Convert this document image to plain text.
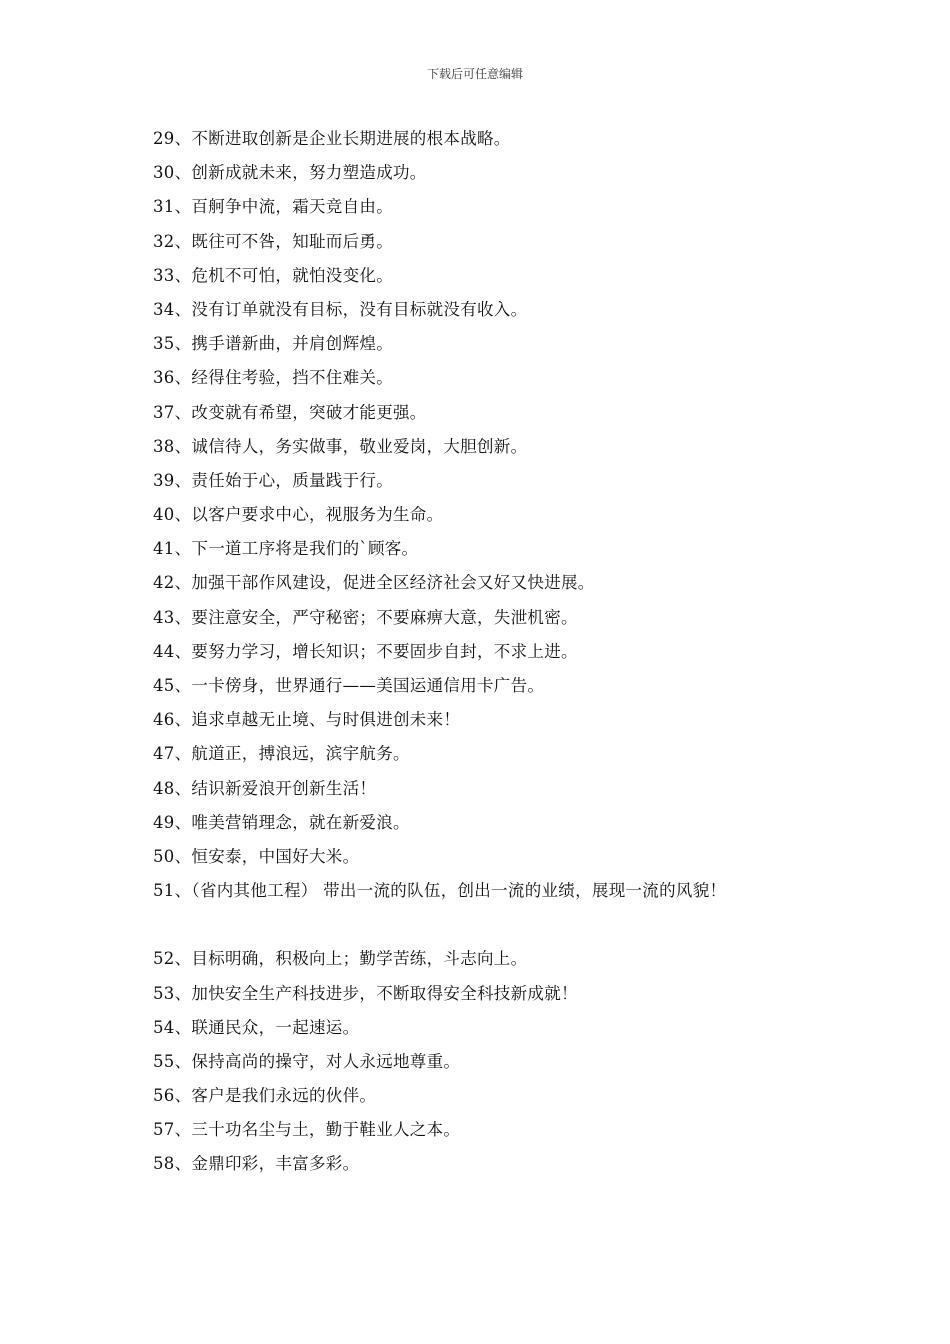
下载后可任意编辑
29、不断进取创新是企业长期进展的根本战略。
30、创新成就未来，努力塑造成功。
31、百舸争中流，霜天竞自由。
32、既往可不咎，知耻而后勇。
33、危机不可怕，就怕没变化。
34、没有订单就没有目标，没有目标就没有收入。
35、携手谱新曲，并肩创辉煌。
36、经得住考验，挡不住难关。
37、改变就有希望，突破才能更强。
38、诚信待人，务实做事，敬业爱岗，大胆创新。
39、责任始于心，质量践于行。
40、以客户要求中心，视服务为生命。
41、下一道工序将是我们的`顾客。
42、加强干部作风建设，促进全区经济社会又好又快进展。
43、要注意安全，严守秘密；不要麻痹大意，失泄机密。
44、要努力学习，增长知识；不要固步自封，不求上进。
45、一卡傍身，世界通行——美国运通信用卡广告。
46、追求卓越无止境、与时俱进创未来！
47、航道正，搏浪远，滨宇航务。
48、结识新爱浪开创新生活！
49、唯美营销理念，就在新爱浪。
50、恒安泰，中国好大米。
51、（省内其他工程） 带出一流的队伍，创出一流的业绩，展现一流的风貌！
52、目标明确，积极向上；勤学苦练，斗志向上。
53、加快安全生产科技进步，不断取得安全科技新成就！
54、联通民众，一起速运。
55、保持高尚的操守，对人永远地尊重。
56、客户是我们永远的伙伴。
57、三十功名尘与土，勤于鞋业人之本。
58、金鼎印彩，丰富多彩。
